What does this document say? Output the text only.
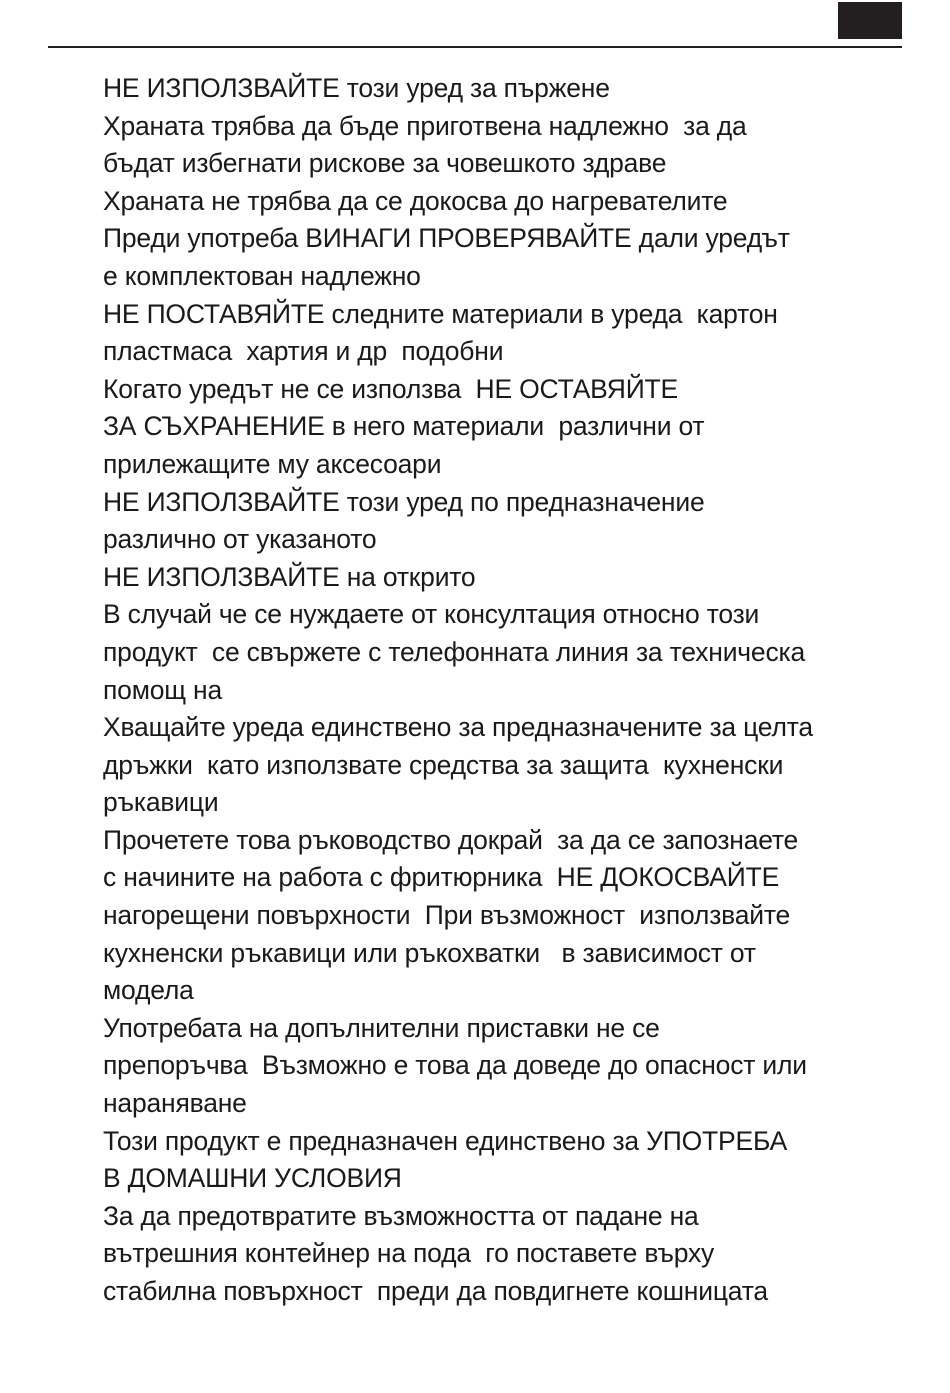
НЕ ИЗПОЛЗВАЙТЕ този уред за пържене
Храната трябва да бъде приготвена надлежно  за да
бъдат избегнати рискове за човешкото здраве
Храната не трябва да се докосва до нагревателите
Преди употреба ВИНАГИ ПРОВЕРЯВАЙТЕ дали уредът
е комплектован надлежно
НЕ ПОСТАВЯЙТЕ следните материали в уреда  картон
пластмаса  хартия и др  подобни
Когато уредът не се използва  НЕ ОСТАВЯЙТЕ
ЗА СЪХРАНЕНИЕ в него материали  различни от
прилежащите му аксесоари
НЕ ИЗПОЛЗВАЙТЕ този уред по предназначение
различно от указаното
НЕ ИЗПОЛЗВАЙТЕ на открито
В случай че се нуждаете от консултация относно този
продукт  се свържете с телефонната линия за техническа
помощ на
Хващайте уреда единствено за предназначените за целта
дръжки  като използвате средства за защита  кухненски
ръкавици
Прочетете това ръководство докрай  за да се запознаете
с начините на работа с фритюрника  НЕ ДОКОСВАЙТЕ
нагорещени повърхности  При възможност  използвайте
кухненски ръкавици или ръкохватки   в зависимост от
модела
Употребата на допълнителни приставки не се
препоръчва  Възможно е това да доведе до опасност или
нараняване
Този продукт е предназначен единствено за УПОТРЕБА
В ДОМАШНИ УСЛОВИЯ
За да предотвратите възможността от падане на
вътрешния контейнер на пода  го поставете върху
стабилна повърхност  преди да повдигнете кошницата
